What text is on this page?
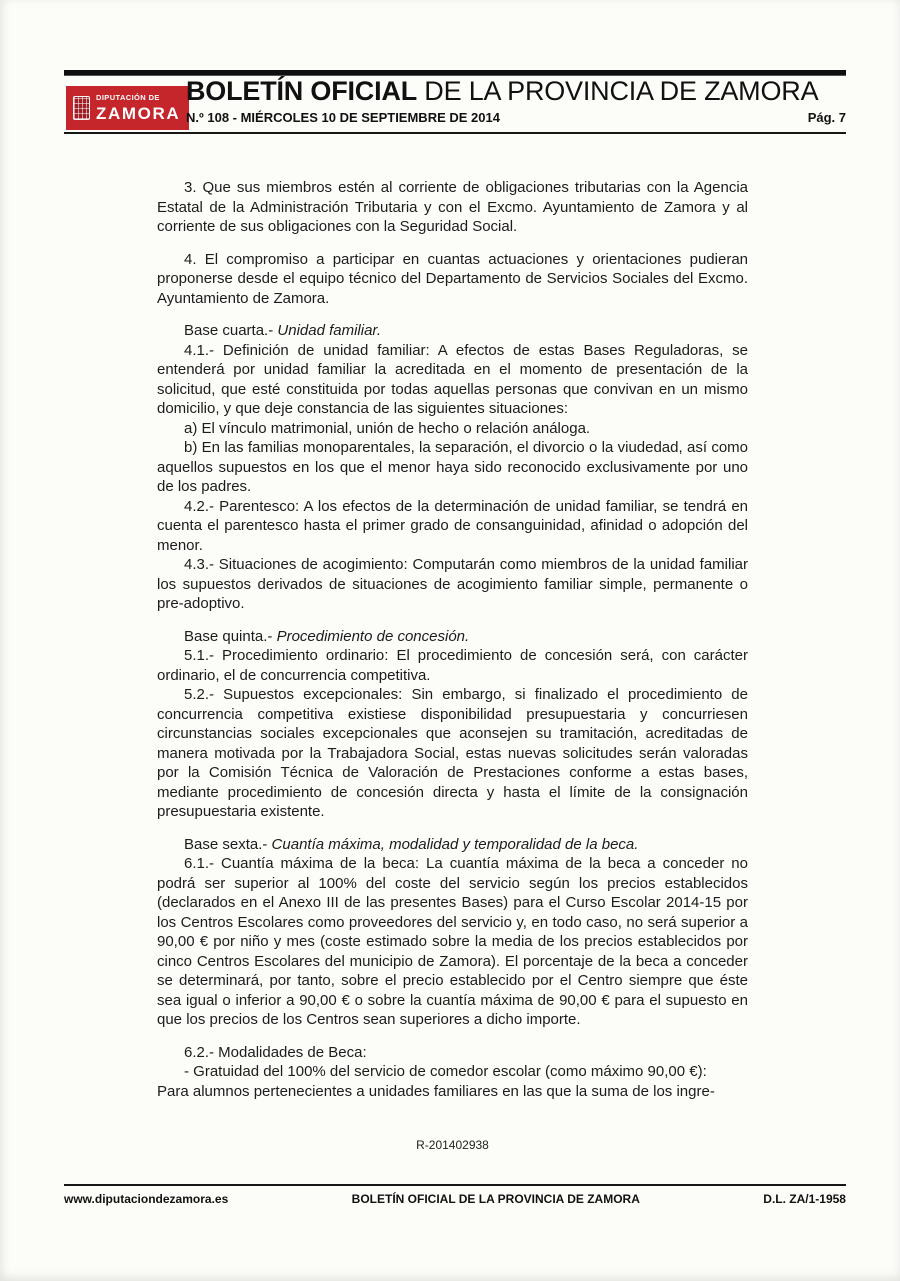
DIPUTACIÓN DE
ZAMORA
BOLETÍN OFICIAL DE LA PROVINCIA DE ZAMORA
N.º 108 - MIÉRCOLES 10 DE SEPTIEMBRE DE 2014	Pág. 7

3. Que sus miembros estén al corriente de obligaciones tributarias con la Agencia Estatal de la Administración Tributaria y con el Excmo. Ayuntamiento de Zamora y al corriente de sus obligaciones con la Seguridad Social.

4. El compromiso a participar en cuantas actuaciones y orientaciones pudieran proponerse desde el equipo técnico del Departamento de Servicios Sociales del Excmo. Ayuntamiento de Zamora.

Base cuarta.- Unidad familiar.

4.1.- Definición de unidad familiar: A efectos de estas Bases Reguladoras, se entenderá por unidad familiar la acreditada en el momento de presentación de la solicitud, que esté constituida por todas aquellas personas que convivan en un mismo domicilio, y que deje constancia de las siguientes situaciones:

a) El vínculo matrimonial, unión de hecho o relación análoga.

b) En las familias monoparentales, la separación, el divorcio o la viudedad, así como aquellos supuestos en los que el menor haya sido reconocido exclusivamente por uno de los padres.

4.2.- Parentesco: A los efectos de la determinación de unidad familiar, se tendrá en cuenta el parentesco hasta el primer grado de consanguinidad, afinidad o adopción del menor.

4.3.- Situaciones de acogimiento: Computarán como miembros de la unidad familiar los supuestos derivados de situaciones de acogimiento familiar simple, permanente o pre-adoptivo.

Base quinta.- Procedimiento de concesión.

5.1.- Procedimiento ordinario: El procedimiento de concesión será, con carácter ordinario, el de concurrencia competitiva.

5.2.- Supuestos excepcionales: Sin embargo, si finalizado el procedimiento de concurrencia competitiva existiese disponibilidad presupuestaria y concurriesen circunstancias sociales excepcionales que aconsejen su tramitación, acreditadas de manera motivada por la Trabajadora Social, estas nuevas solicitudes serán valoradas por la Comisión Técnica de Valoración de Prestaciones conforme a estas bases, mediante procedimiento de concesión directa y hasta el límite de la consignación presupuestaria existente.

Base sexta.- Cuantía máxima, modalidad y temporalidad de la beca.

6.1.- Cuantía máxima de la beca: La cuantía máxima de la beca a conceder no podrá ser superior al 100% del coste del servicio según los precios establecidos (declarados en el Anexo III de las presentes Bases) para el Curso Escolar 2014-15 por los Centros Escolares como proveedores del servicio y, en todo caso, no será superior a 90,00 € por niño y mes (coste estimado sobre la media de los precios establecidos por cinco Centros Escolares del municipio de Zamora). El porcentaje de la beca a conceder se determinará, por tanto, sobre el precio establecido por el Centro siempre que éste sea igual o inferior a 90,00 € o sobre la cuantía máxima de 90,00 € para el supuesto en que los precios de los Centros sean superiores a dicho importe.

6.2.- Modalidades de Beca:

- Gratuidad del 100% del servicio de comedor escolar (como máximo 90,00 €):

Para alumnos pertenecientes a unidades familiares en las que la suma de los ingre-

R-201402938
www.diputaciondezamora.es	BOLETÍN OFICIAL DE LA PROVINCIA DE ZAMORA	D.L. ZA/1-1958
